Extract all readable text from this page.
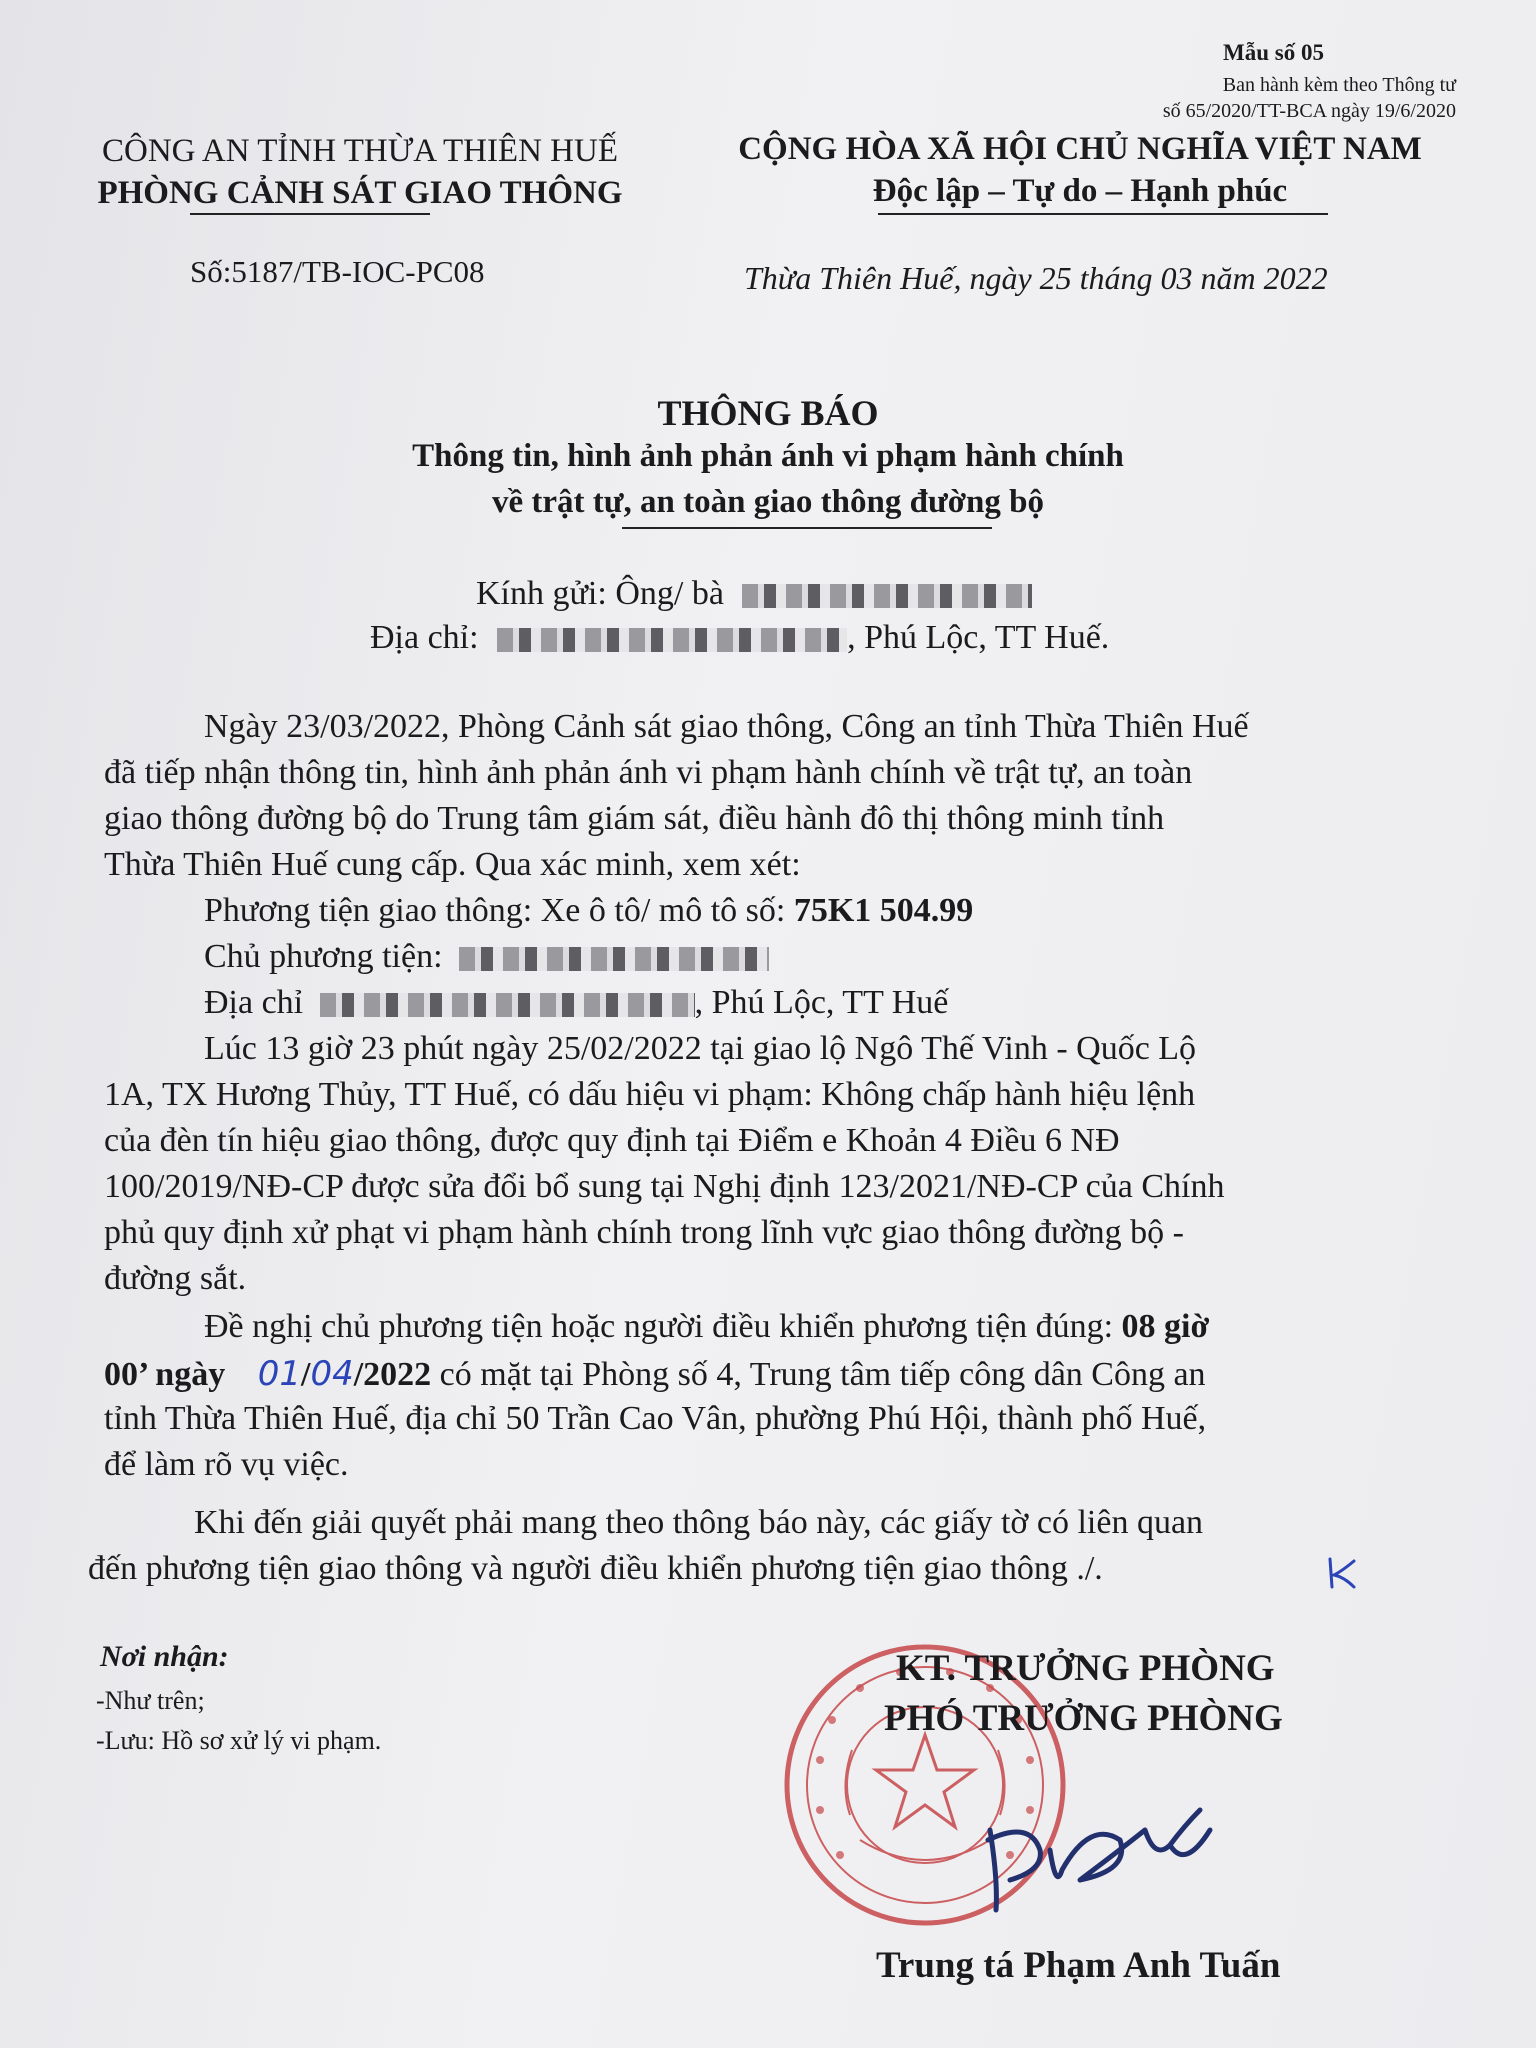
Mẫu số 05
Ban hành kèm theo Thông tư
số 65/2020/TT-BCA ngày 19/6/2020
CÔNG AN TỈNH THỪA THIÊN HUẾ
PHÒNG CẢNH SÁT GIAO THÔNG
CỘNG HÒA XÃ HỘI CHỦ NGHĨA VIỆT NAM
Độc lập – Tự do – Hạnh phúc
Số:5187/TB-IOC-PC08	Thừa Thiên Huế, ngày 25 tháng 03 năm 2022
THÔNG BÁO
Thông tin, hình ảnh phản ánh vi phạm hành chính
về trật tự, an toàn giao thông đường bộ
Kính gửi: Ông/ bà
Địa chỉ:	, Phú Lộc, TT Huế.
Ngày 23/03/2022, Phòng Cảnh sát giao thông, Công an tỉnh Thừa Thiên Huế
đã tiếp nhận thông tin, hình ảnh phản ánh vi phạm hành chính về trật tự, an toàn
giao thông đường bộ do Trung tâm giám sát, điều hành đô thị thông minh tỉnh
Thừa Thiên Huế cung cấp. Qua xác minh, xem xét:
Phương tiện giao thông: Xe ô tô/ mô tô số: 75K1 504.99
Chủ phương tiện:
Địa chỉ	, Phú Lộc, TT Huế
Lúc 13 giờ 23 phút ngày 25/02/2022 tại giao lộ Ngô Thế Vinh - Quốc Lộ
1A, TX Hương Thủy, TT Huế, có dấu hiệu vi phạm: Không chấp hành hiệu lệnh
của đèn tín hiệu giao thông, được quy định tại Điểm e Khoản 4 Điều 6 NĐ
100/2019/NĐ-CP được sửa đổi bổ sung tại Nghị định 123/2021/NĐ-CP của Chính
phủ quy định xử phạt vi phạm hành chính trong lĩnh vực giao thông đường bộ -
đường sắt.
Đề nghị chủ phương tiện hoặc người điều khiển phương tiện đúng: 08 giờ
00’ ngày 01/04/2022 có mặt tại Phòng số 4, Trung tâm tiếp công dân Công an
tỉnh Thừa Thiên Huế, địa chỉ 50 Trần Cao Vân, phường Phú Hội, thành phố Huế,
để làm rõ vụ việc.
Khi đến giải quyết phải mang theo thông báo này, các giấy tờ có liên quan
đến phương tiện giao thông và người điều khiển phương tiện giao thông ./.
Nơi nhận:
-Như trên;
-Lưu: Hồ sơ xử lý vi phạm.
KT. TRƯỞNG PHÒNG
PHÓ TRƯỞNG PHÒNG
Trung tá Phạm Anh Tuấn
